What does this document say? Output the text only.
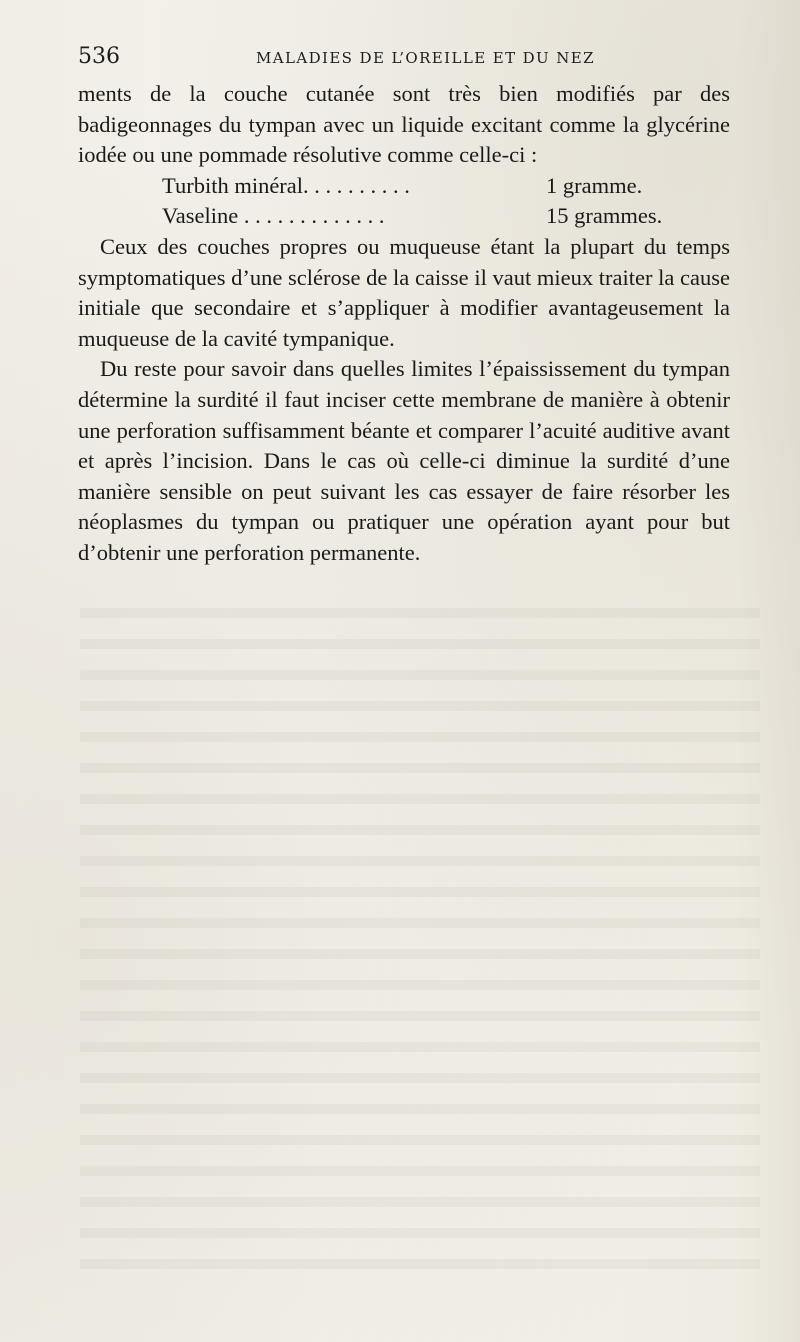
536	MALADIES DE L’OREILLE ET DU NEZ

ments de la couche cutanée sont très bien modifiés par des badigeonnages du tympan avec un liquide excitant comme la glycérine iodée ou une pommade résolutive comme celle-ci :

Turbith minéral. . . . . . . . . .	1 gramme.
Vaseline . . . . . . . . . . . . .	15 grammes.

Ceux des couches propres ou muqueuse étant la plupart du temps symptomatiques d’une sclérose de la caisse il vaut mieux traiter la cause initiale que secondaire et s’appliquer à modifier avantageusement la muqueuse de la cavité tympanique.

Du reste pour savoir dans quelles limites l’épaississement du tympan détermine la surdité il faut inciser cette membrane de manière à obtenir une perforation suffisamment béante et comparer l’acuité auditive avant et après l’incision. Dans le cas où celle-ci diminue la surdité d’une manière sensible on peut suivant les cas essayer de faire résorber les néoplasmes du tympan ou pratiquer une opération ayant pour but d’obtenir une perforation permanente.
